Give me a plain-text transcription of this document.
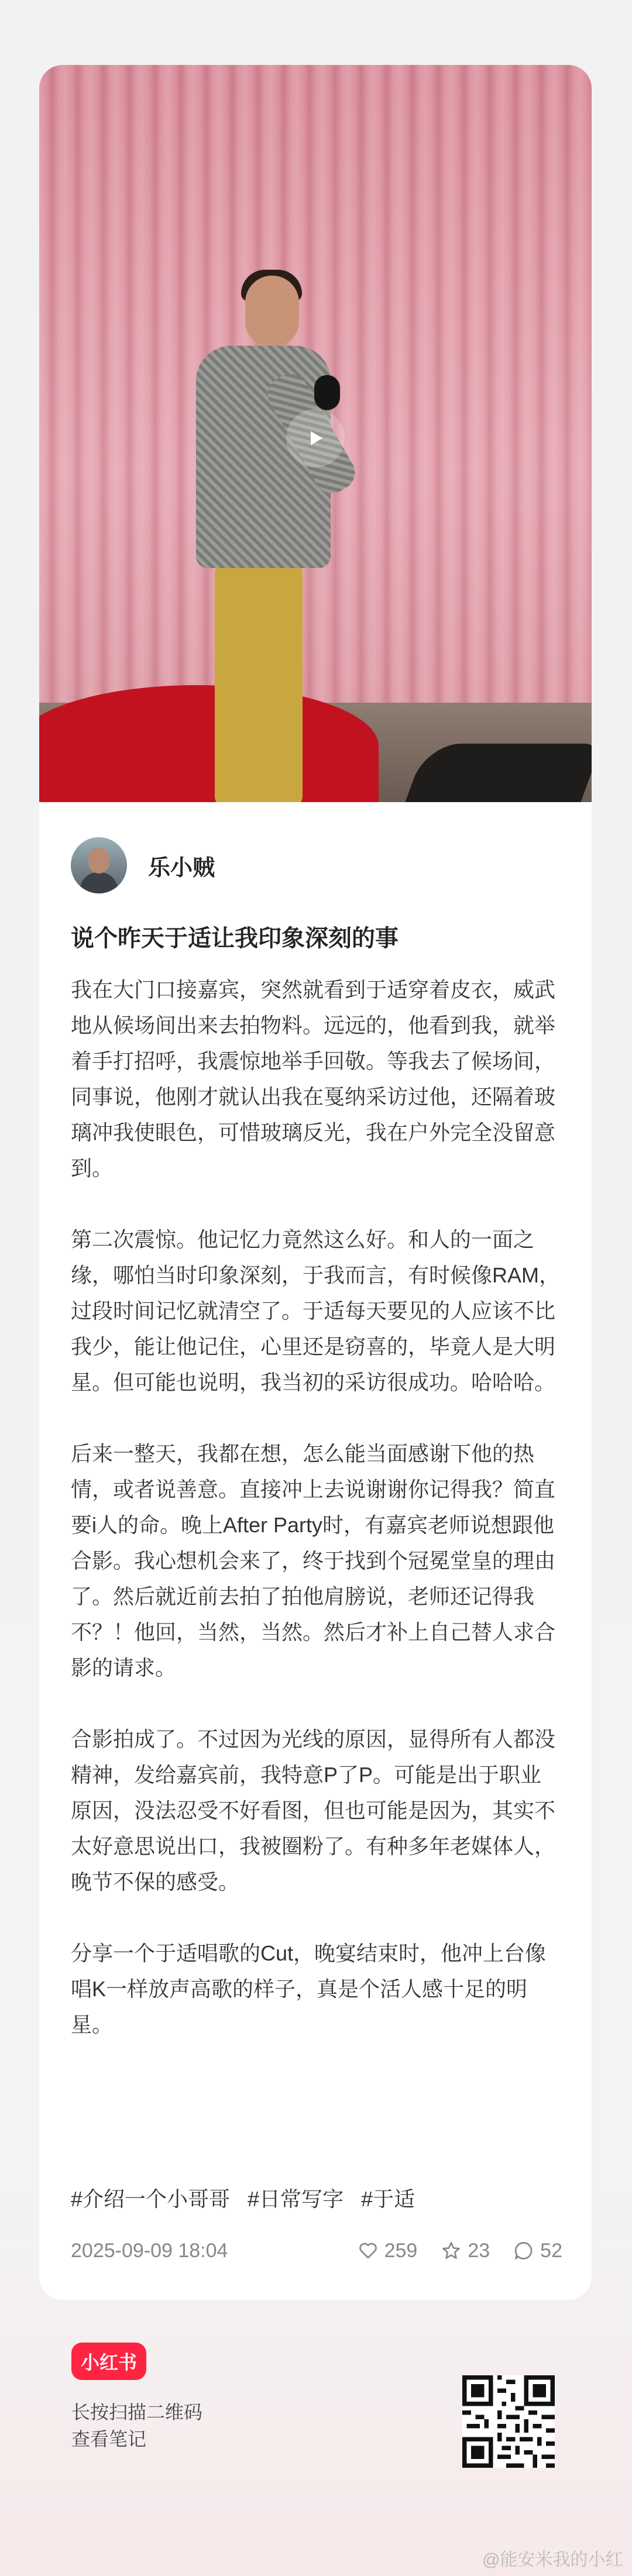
乐小贼
说个昨天于适让我印象深刻的事

我在大门口接嘉宾，突然就看到于适穿着皮衣，威武地从候场间出来去拍物料。远远的，他看到我，就举着手打招呼，我震惊地举手回敬。等我去了候场间，同事说，他刚才就认出我在戛纳采访过他，还隔着玻璃冲我使眼色，可惜玻璃反光，我在户外完全没留意到。

第二次震惊。他记忆力竟然这么好。和人的一面之缘，哪怕当时印象深刻，于我而言，有时候像RAM，过段时间记忆就清空了。于适每天要见的人应该不比我少，能让他记住，心里还是窃喜的，毕竟人是大明星。但可能也说明，我当初的采访很成功。哈哈哈。

后来一整天，我都在想，怎么能当面感谢下他的热情，或者说善意。直接冲上去说谢谢你记得我？简直要i人的命。晚上After Party时，有嘉宾老师说想跟他合影。我心想机会来了，终于找到个冠冕堂皇的理由了。然后就近前去拍了拍他肩膀说，老师还记得我不？！他回，当然，当然。然后才补上自己替人求合影的请求。

合影拍成了。不过因为光线的原因，显得所有人都没精神，发给嘉宾前，我特意P了P。可能是出于职业原因，没法忍受不好看图，但也可能是因为，其实不太好意思说出口，我被圈粉了。有种多年老媒体人，晚节不保的感受。

分享一个于适唱歌的Cut，晚宴结束时，他冲上台像唱K一样放声高歌的样子，真是个活人感十足的明星。

#介绍一个小哥哥 #日常写字 #于适
2025-09-09 18:04	259	23	52
小红书
长按扫描二维码
查看笔记
@能安米我的小红
